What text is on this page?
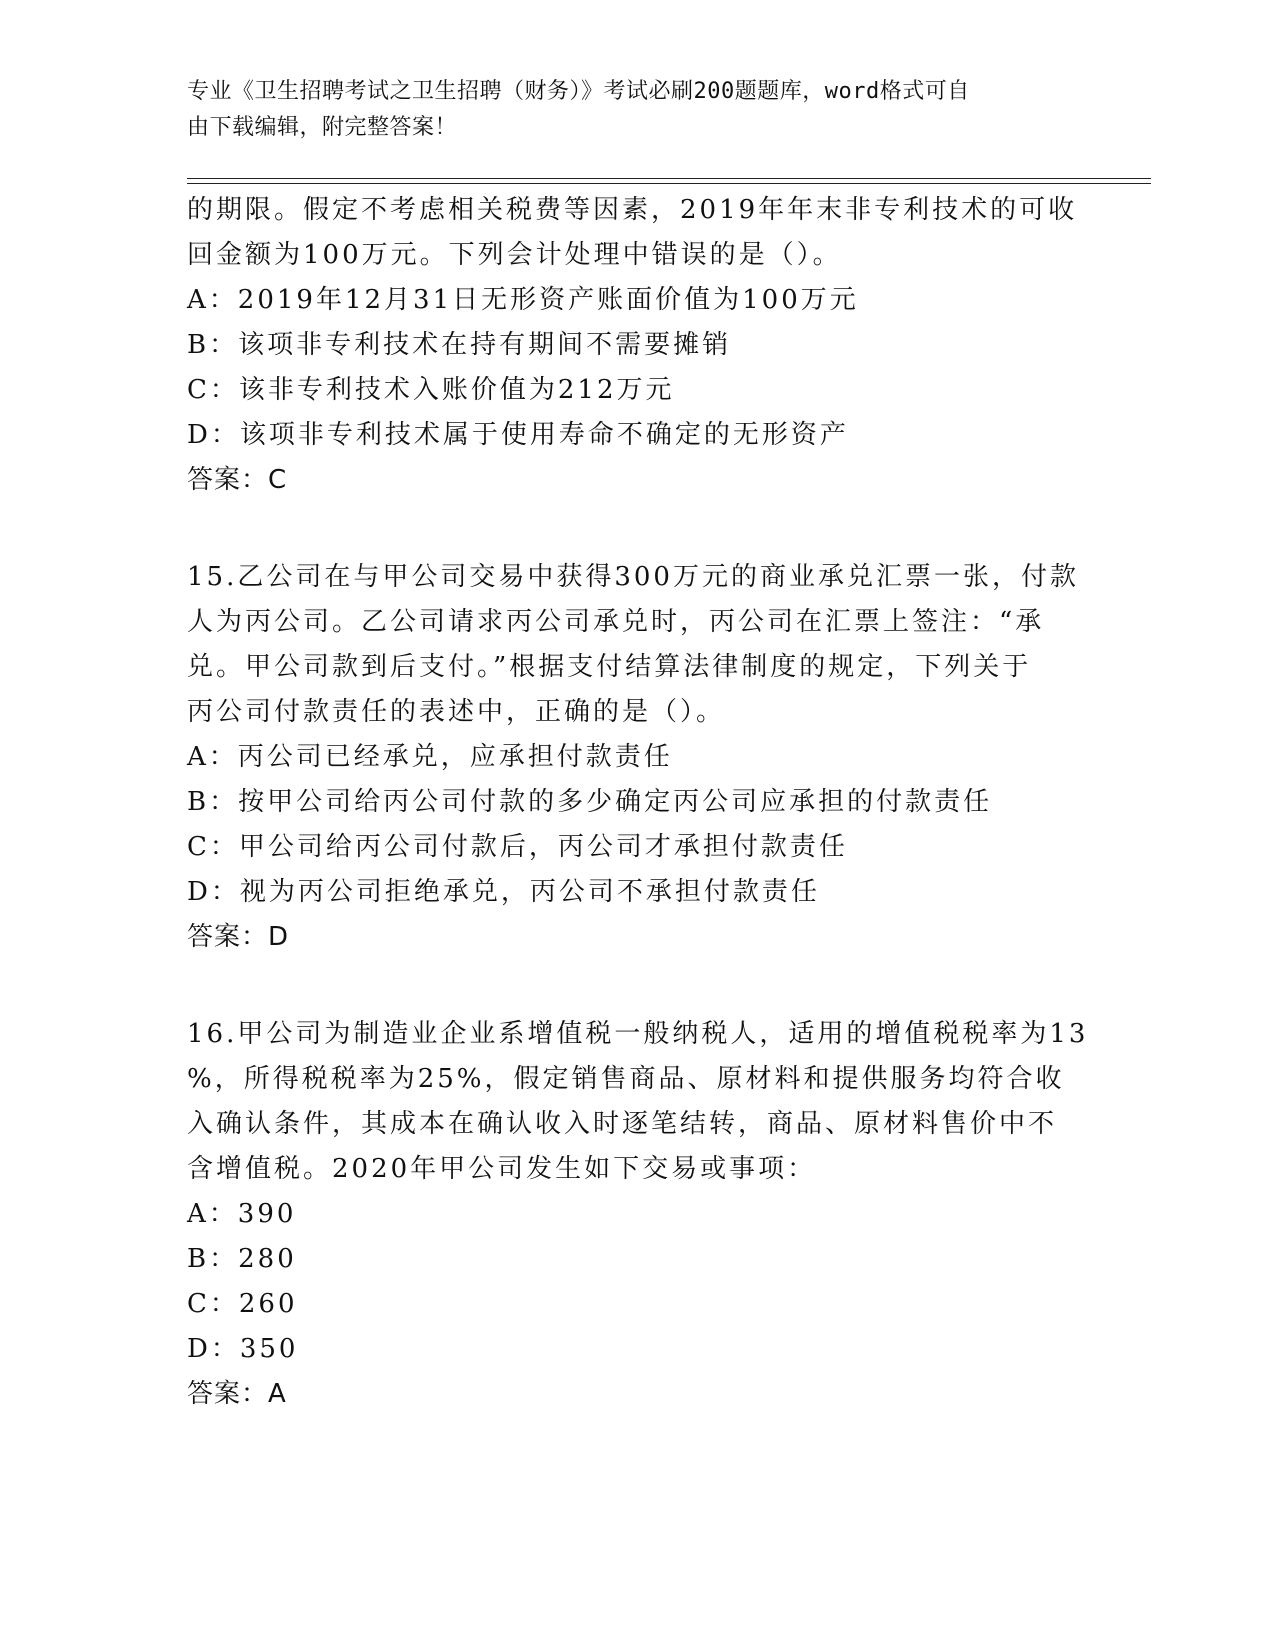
专业《卫生招聘考试之卫生招聘（财务）》考试必刷200题题库，word格式可自
由下载编辑，附完整答案！
的期限。假定不考虑相关税费等因素，2019年年末非专利技术的可收
回金额为100万元。下列会计处理中错误的是（）。
A：2019年12月31日无形资产账面价值为100万元
B：该项非专利技术在持有期间不需要摊销
C：该非专利技术入账价值为212万元
D：该项非专利技术属于使用寿命不确定的无形资产
答案：C
15.乙公司在与甲公司交易中获得300万元的商业承兑汇票一张，付款
人为丙公司。乙公司请求丙公司承兑时，丙公司在汇票上签注：“承
兑。甲公司款到后支付。”根据支付结算法律制度的规定，下列关于
丙公司付款责任的表述中，正确的是（）。
A：丙公司已经承兑，应承担付款责任
B：按甲公司给丙公司付款的多少确定丙公司应承担的付款责任
C：甲公司给丙公司付款后，丙公司才承担付款责任
D：视为丙公司拒绝承兑，丙公司不承担付款责任
答案：D
16.甲公司为制造业企业系增值税一般纳税人，适用的增值税税率为13
%，所得税税率为25%，假定销售商品、原材料和提供服务均符合收
入确认条件，其成本在确认收入时逐笔结转，商品、原材料售价中不
含增值税。2020年甲公司发生如下交易或事项：
A：390
B：280
C：260
D：350
答案：A
